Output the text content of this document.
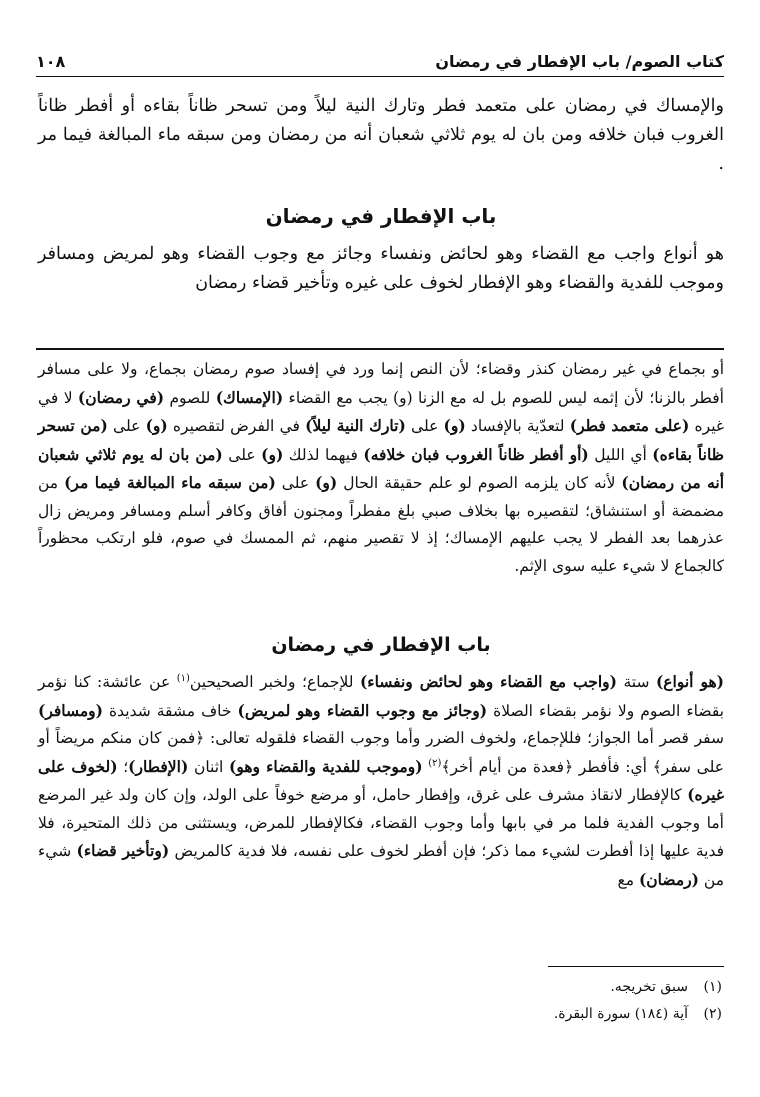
كتاب الصوم/ باب الإفطار في رمضان
١٠٨
والإمساك في رمضان على متعمد فطر وتارك النية ليلاً ومن تسحر ظاناً بقاءه أو أفطر ظاناً الغروب فبان خلافه ومن بان له يوم ثلاثي شعبان أنه من رمضان ومن سبقه ماء المبالغة فيما مر .
باب الإفطار في رمضان
هو أنواع واجب مع القضاء وهو لحائض ونفساء وجائز مع وجوب القضاء وهو لمريض ومسافر وموجب للفدية والقضاء وهو الإفطار لخوف على غيره وتأخير قضاء رمضان
أو بجماع في غير رمضان كنذر وقضاء؛ لأن النص إنما ورد في إفساد صوم رمضان بجماع، ولا على مسافر أفطر بالزنا؛ لأن إثمه ليس للصوم بل له مع الزنا (و) يجب مع القضاء (الإمساك) للصوم (في رمضان) لا في غيره (على متعمد فطر) لتعدّية بالإفساد (و) على (تارك النية ليلاً) في الفرض لتقصيره (و) على (من تسحر ظاناً بقاءه) أي الليل (أو أفطر ظاناً الغروب فبان خلافه) فيهما لذلك (و) على (من بان له يوم ثلاثي شعبان أنه من رمضان) لأنه كان يلزمه الصوم لو علم حقيقة الحال (و) على (من سبقه ماء المبالغة فيما مر) من مضمضة أو استنشاق؛ لتقصيره بها بخلاف صبي بلغ مفطراً ومجنون أفاق وكافر أسلم ومسافر ومريض زال عذرهما بعد الفطر لا يجب عليهم الإمساك؛ إذ لا تقصير منهم، ثم الممسك في صوم، فلو ارتكب محظوراً كالجماع لا شيء عليه سوى الإثم.
باب الإفطار في رمضان
(هو أنواع) ستة (واجب مع القضاء وهو لحائض ونفساء) للإجماع؛ ولخبر الصحيحين$^{(١)}$ عن عائشة: كنا نؤمر بقضاء الصوم ولا نؤمر بقضاء الصلاة (وجائز مع وجوب القضاء وهو لمريض) خاف مشقة شديدة (ومسافر) سفر قصر أما الجواز؛ فللإجماع، ولخوف الضرر وأما وجوب القضاء فلقوله تعالى: ﴿فمن كان منكم مريضاً أو على سفر﴾ أي: فأفطر ﴿فعدة من أيام أخر﴾$^{(٢)}$ (وموجب للفدية والقضاء وهو) اثنان (الإفطار)؛ (لخوف على غيره) كالإفطار لانقاذ مشرف على غرق، وإفطار حامل، أو مرضع خوفاً على الولد، وإن كان ولد غير المرضع أما وجوب الفدية فلما مر في بابها وأما وجوب القضاء، فكالإفطار للمرض، ويستثنى من ذلك المتحيرة، فلا فدية عليها إذا أفطرت لشيء مما ذكر؛ فإن أفطر لخوف على نفسه، فلا فدية كالمريض (وتأخير قضاء) شيء من (رمضان) مع
(١)
سبق تخريجه.
(٢)
آية (١٨٤) سورة البقرة.
